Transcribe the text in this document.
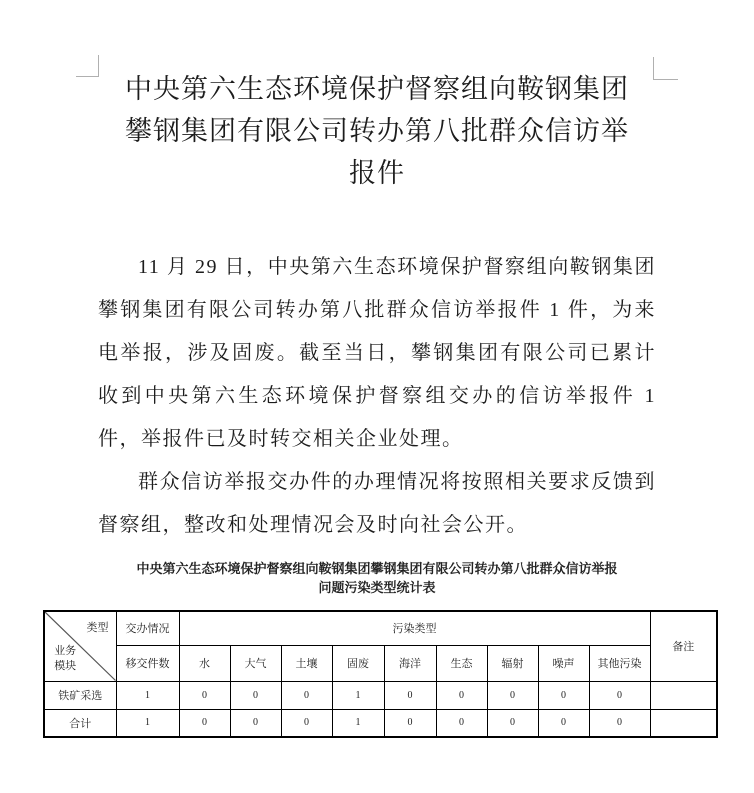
中央第六生态环境保护督察组向鞍钢集团
攀钢集团有限公司转办第八批群众信访举
报件

11 月 29 日，中央第六生态环境保护督察组向鞍钢集团攀钢集团有限公司转办第八批群众信访举报件 1 件，为来电举报，涉及固废。截至当日，攀钢集团有限公司已累计收到中央第六生态环境保护督察组交办的信访举报件 1 件，举报件已及时转交相关企业处理。

群众信访举报交办件的办理情况将按照相关要求反馈到督察组，整改和处理情况会及时向社会公开。

中央第六生态环境保护督察组向鞍钢集团攀钢集团有限公司转办第八批群众信访举报
问题污染类型统计表
类型
业务模块	交办情况	污染类型									备注
	移交件数	水	大气	土壤	固废	海洋	生态	辐射	噪声	其他污染	
铁矿采选	1	0	0	0	1	0	0	0	0	0	
合计	1	0	0	0	1	0	0	0	0	0	
